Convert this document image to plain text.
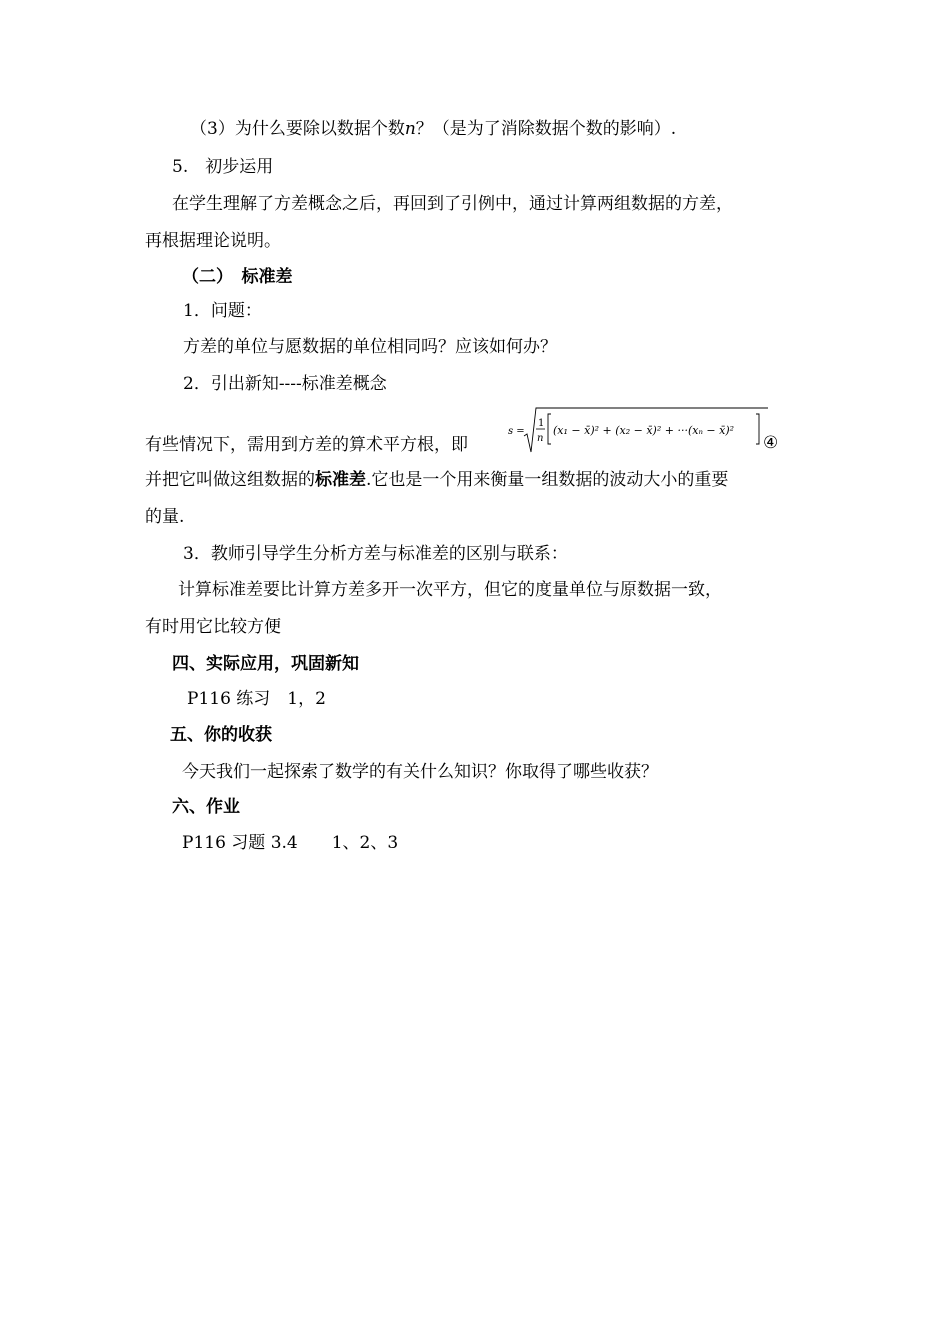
（3）为什么要除以数据个数n？（是为了消除数据个数的影响）.
5.　初步运用
在学生理解了方差概念之后，再回到了引例中，通过计算两组数据的方差，
再根据理论说明。
（二）　标准差
1．问题：
方差的单位与愿数据的单位相同吗？应该如何办？
2．引出新知----标准差概念
有些情况下，需用到方差的算术平方根，即
s =
1
n
(x₁ − x̄)² + (x₂ − x̄)² + ···(xₙ − x̄)²
④
并把它叫做这组数据的标准差.它也是一个用来衡量一组数据的波动大小的重要
的量.
3．教师引导学生分析方差与标准差的区别与联系：
计算标准差要比计算方差多开一次平方，但它的度量单位与原数据一致，
有时用它比较方便
四、实际应用，巩固新知
P116 练习　1，2
五、你的收获
今天我们一起探索了数学的有关什么知识？你取得了哪些收获？
六、作业
P116 习题 3.4　　1、2、3
